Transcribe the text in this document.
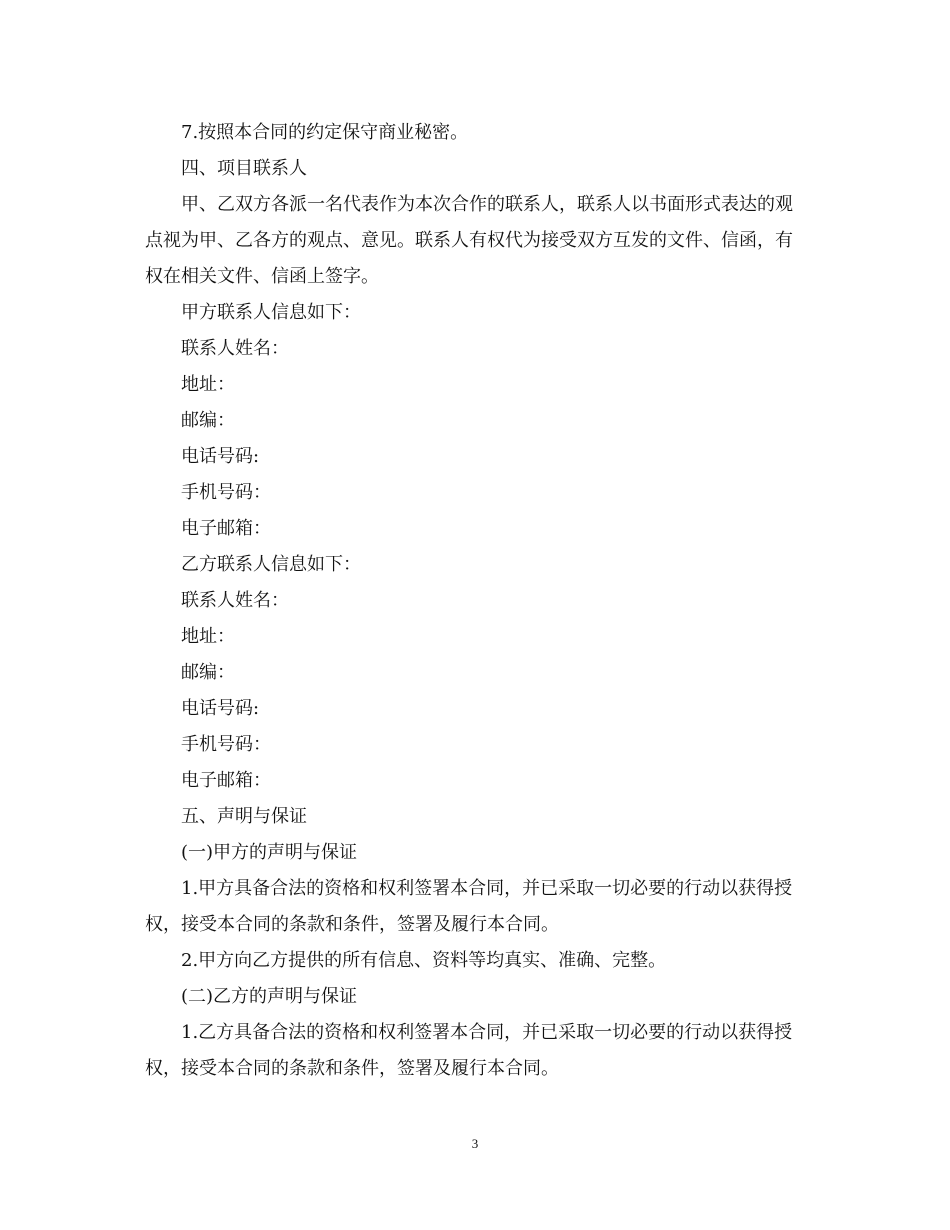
7.按照本合同的约定保守商业秘密。

四、项目联系人

甲、乙双方各派一名代表作为本次合作的联系人，联系人以书面形式表达的观点视为甲、乙各方的观点、意见。联系人有权代为接受双方互发的文件、信函，有权在相关文件、信函上签字。

甲方联系人信息如下：

联系人姓名：

地址：

邮编：

电话号码:

手机号码：

电子邮箱：

乙方联系人信息如下：

联系人姓名：

地址：

邮编：

电话号码:

手机号码：

电子邮箱：

五、声明与保证

(一)甲方的声明与保证

1.甲方具备合法的资格和权利签署本合同，并已采取一切必要的行动以获得授权，接受本合同的条款和条件，签署及履行本合同。

2.甲方向乙方提供的所有信息、资料等均真实、准确、完整。

(二)乙方的声明与保证

1.乙方具备合法的资格和权利签署本合同，并已采取一切必要的行动以获得授权，接受本合同的条款和条件，签署及履行本合同。

3
